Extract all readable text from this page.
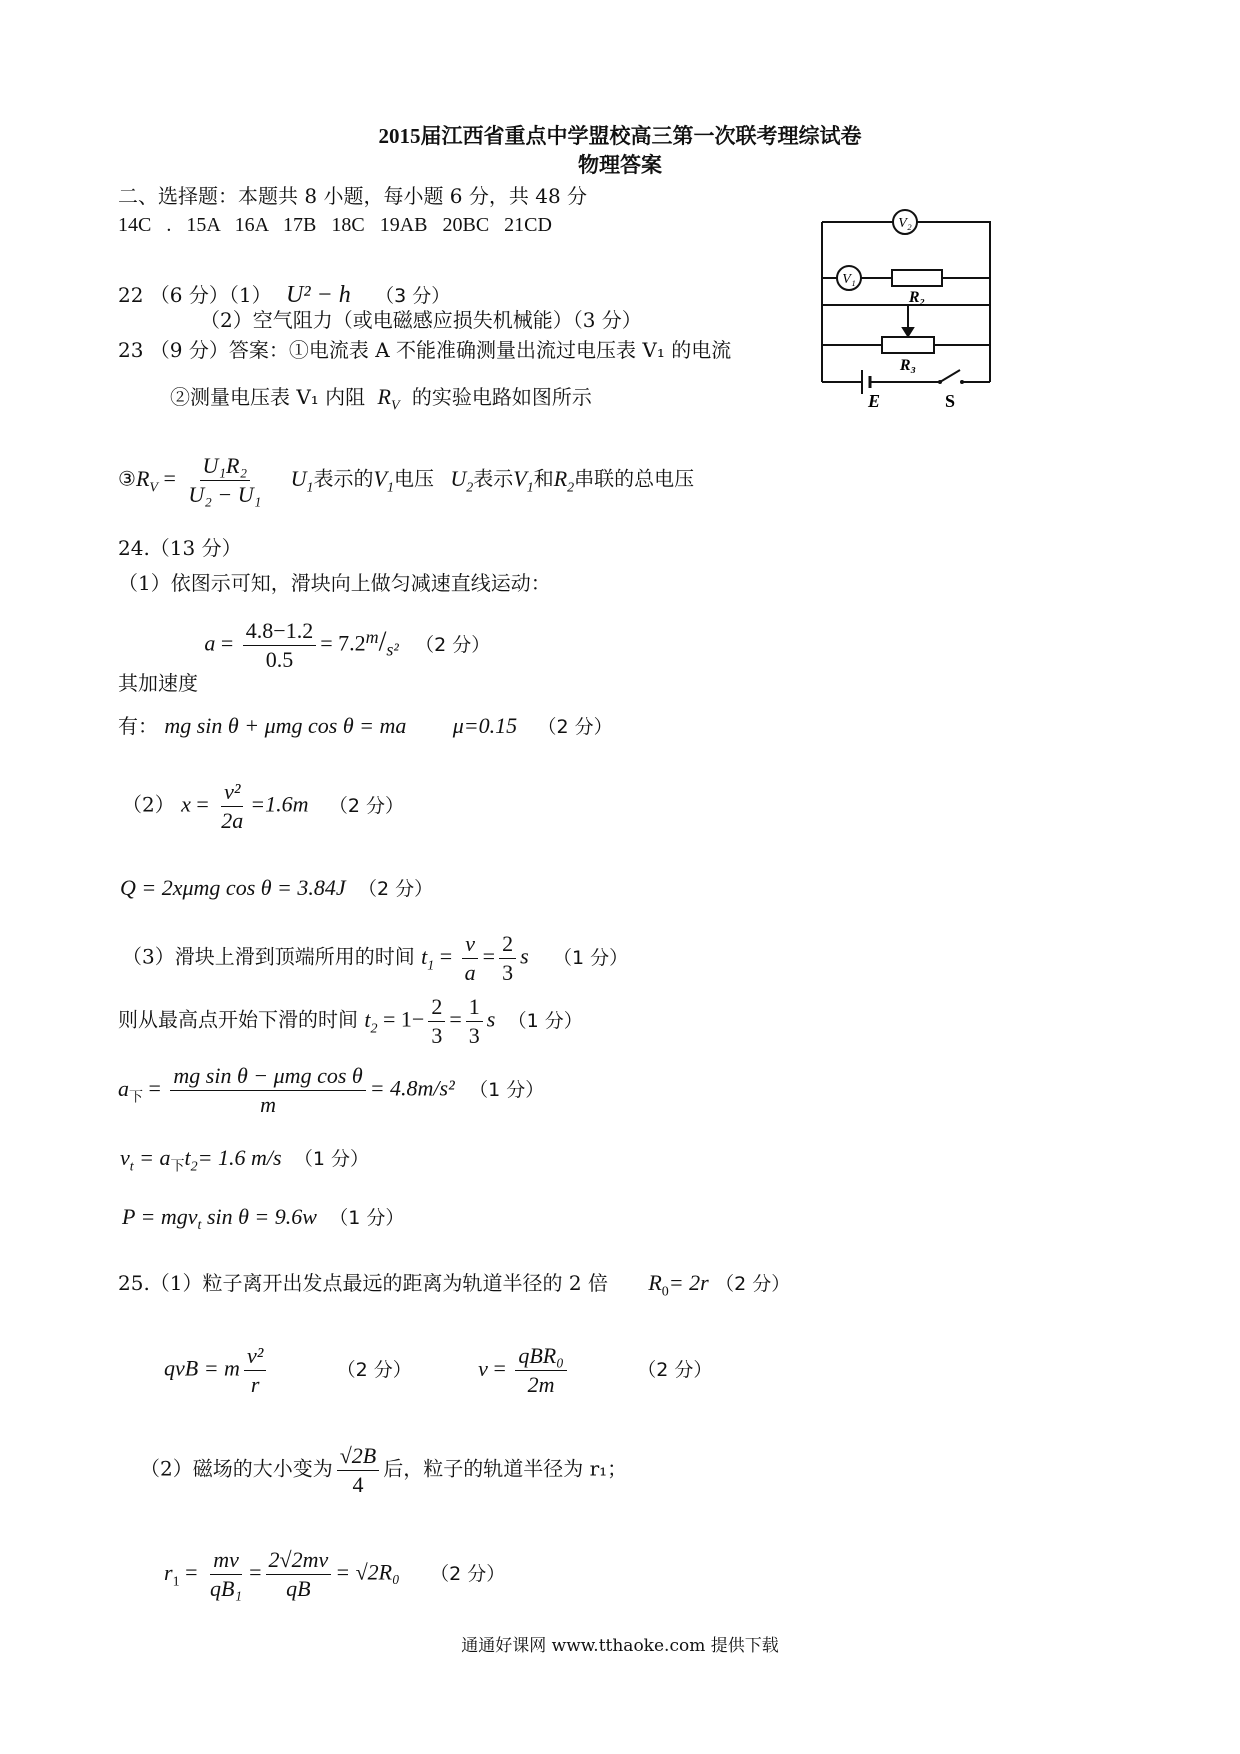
2015届江西省重点中学盟校高三第一次联考理综试卷
物理答案
二、选择题：本题共 8 小题，每小题 6 分，共 48 分
14C . 15A 16A 17B 18C 19AB 20BC 21CD
22 （6 分）（1） U² − h （3 分）
（2）空气阻力（或电磁感应损失机械能）（3 分）
23 （9 分）答案：①电流表 A 不能准确测量出流过电压表 V₁ 的电流
②测量电压表 V₁ 内阻 $R_V$ 的实验电路如图所示
$③R_V = \frac{\text{U₁R₂}}{\text{U₂ − U₁}} U_1$表示的$V_1$电压 $U_2$表示$V_1$和$R_2$串联的总电压
V₂
V₁
R₂
R₃
E	S
24.（13 分）
（1）依图示可知，滑块向上做匀减速直线运动：
其加速度 $a = \frac{4.8-1.2}{0.5} = 7.2m/s^2$ （2 分）
有： mg sin θ + μmg cos θ = ma μ=0.15 （2 分）
（2） $x = \frac{\text{v²}}{2a} =1.6m$ （2 分）
Q = 2xμmg cos θ = 3.84J （2 分）
（3）滑块上滑到顶端所用的时间 $t_1 = \frac{v}{a} = \frac{2}{3}$ s （1 分）
则从最高点开始下滑的时间 $t_2 = 1- \frac{2}{3} = \frac{1}{3}$ s （1 分）
$a_下 = \frac{\text{mg sin θ − μmg cos θ}}{m} = 4.8m/s^2$ （1 分）
$v_t = a_下t_2= 1.6$ m/s （1 分）
P = mgv$_t$ sin θ = 9.6w （1 分）
25.（1）粒子离开出发点最远的距离为轨道半径的 2 倍 $R_0= 2r$ （2 分）
qvB = m $\frac{\text{v²}}{r}$	（2 分）	$v = \frac{\text{qBR₀}}{2m}$	（2 分）
（2）磁场的大小变为 $\frac{√2B}{4}$ 后，粒子的轨道半径为 r₁；
$r_1 = \frac{mv}{\text{qB₁}} = \frac{2√2mv}{qB} = √2R_0$ （2 分）
通通好课网 www.tthaoke.com 提供下载
